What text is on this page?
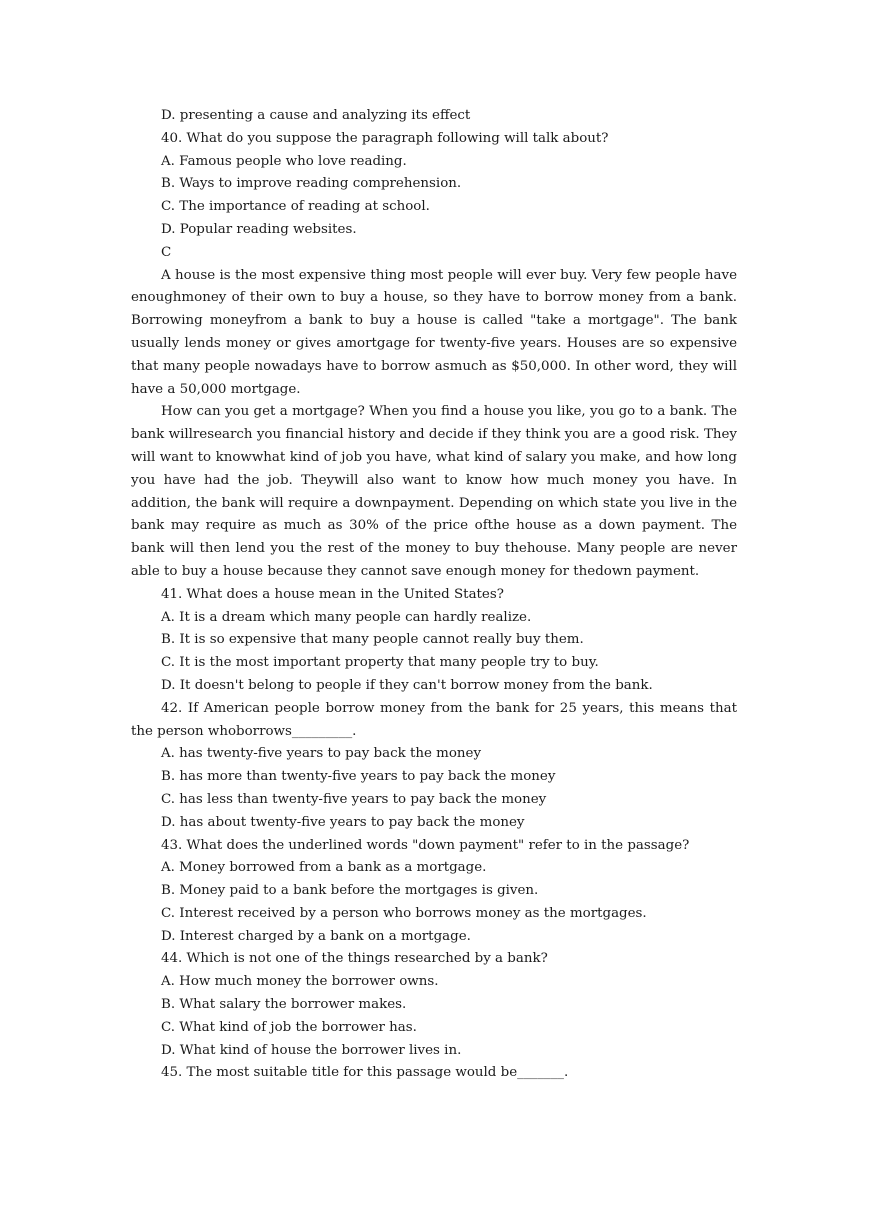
D. presenting a cause and analyzing its effect
40. What do you suppose the paragraph following will talk about?
A. Famous people who love reading.
B. Ways to improve reading comprehension.
C. The importance of reading at school.
D. Popular reading websites.
C
A house is the most expensive thing most people will ever buy. Very few people have enoughmoney of their own to buy a house, so they have to borrow money from a bank. Borrowing moneyfrom a bank to buy a house is called "take a mortgage". The bank usually lends money or gives amortgage for twenty-five years. Houses are so expensive that many people nowadays have to borrow asmuch as $50,000. In other word, they will have a 50,000 mortgage.
How can you get a mortgage? When you find a house you like, you go to a bank. The bank willresearch you financial history and decide if they think you are a good risk. They will want to knowwhat kind of job you have, what kind of salary you make, and how long you have had the job. Theywill also want to know how much money you have. In addition, the bank will require a downpayment. Depending on which state you live in the bank may require as much as 30% of the price ofthe house as a down payment. The bank will then lend you the rest of the money to buy thehouse. Many people are never able to buy a house because they cannot save enough money for thedown payment.
41. What does a house mean in the United States?
A. It is a dream which many people can hardly realize.
B. It is so expensive that many people cannot really buy them.
C. It is the most important property that many people try to buy.
D. It doesn't belong to people if they can't borrow money from the bank.
42. If American people borrow money from the bank for 25 years, this means that the person whoborrows_________.
A. has twenty-five years to pay back the money
B. has more than twenty-five years to pay back the money
C. has less than twenty-five years to pay back the money
D. has about twenty-five years to pay back the money
43. What does the underlined words "down payment" refer to in the passage?
A. Money borrowed from a bank as a mortgage.
B. Money paid to a bank before the mortgages is given.
C. Interest received by a person who borrows money as the mortgages.
D. Interest charged by a bank on a mortgage.
44. Which is not one of the things researched by a bank?
A. How much money the borrower owns.
B. What salary the borrower makes.
C. What kind of job the borrower has.
D. What kind of house the borrower lives in.
45. The most suitable title for this passage would be_______.
